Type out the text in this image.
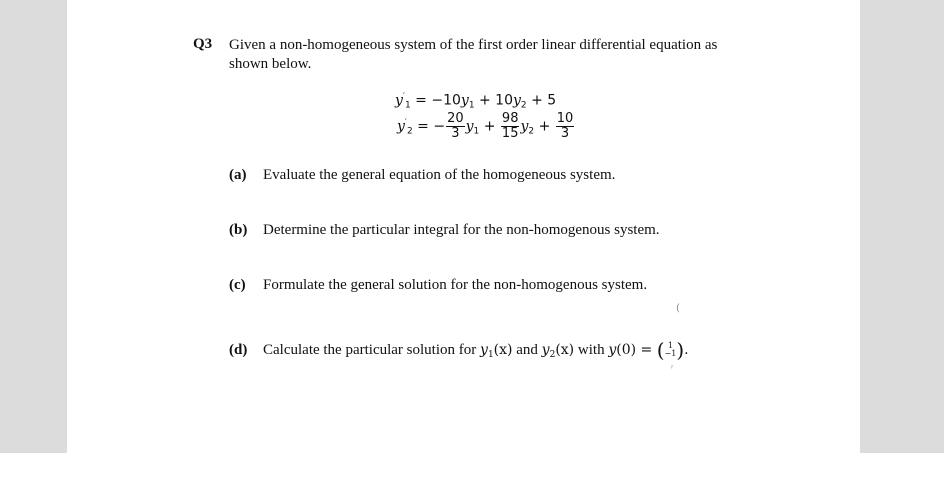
Q3 Given a non-homogeneous system of the first order linear differential equation as shown below.
$y'_1 = -10y_1 + 10y_2 + 5$
$y'_2$ = − $\frac{20}{3} y_1 + \frac{98}{15} y_2 + \frac{10}{3}$
(a) Evaluate the general equation of the homogeneous system.
(b) Determine the particular integral for the non-homogenous system.
(c) Formulate the general solution for the non-homogenous system.
(d) Calculate the particular solution for $y_1(x)$ and $y_2(x)$ with y(0) = ( 1
−1).
(
ʳ
